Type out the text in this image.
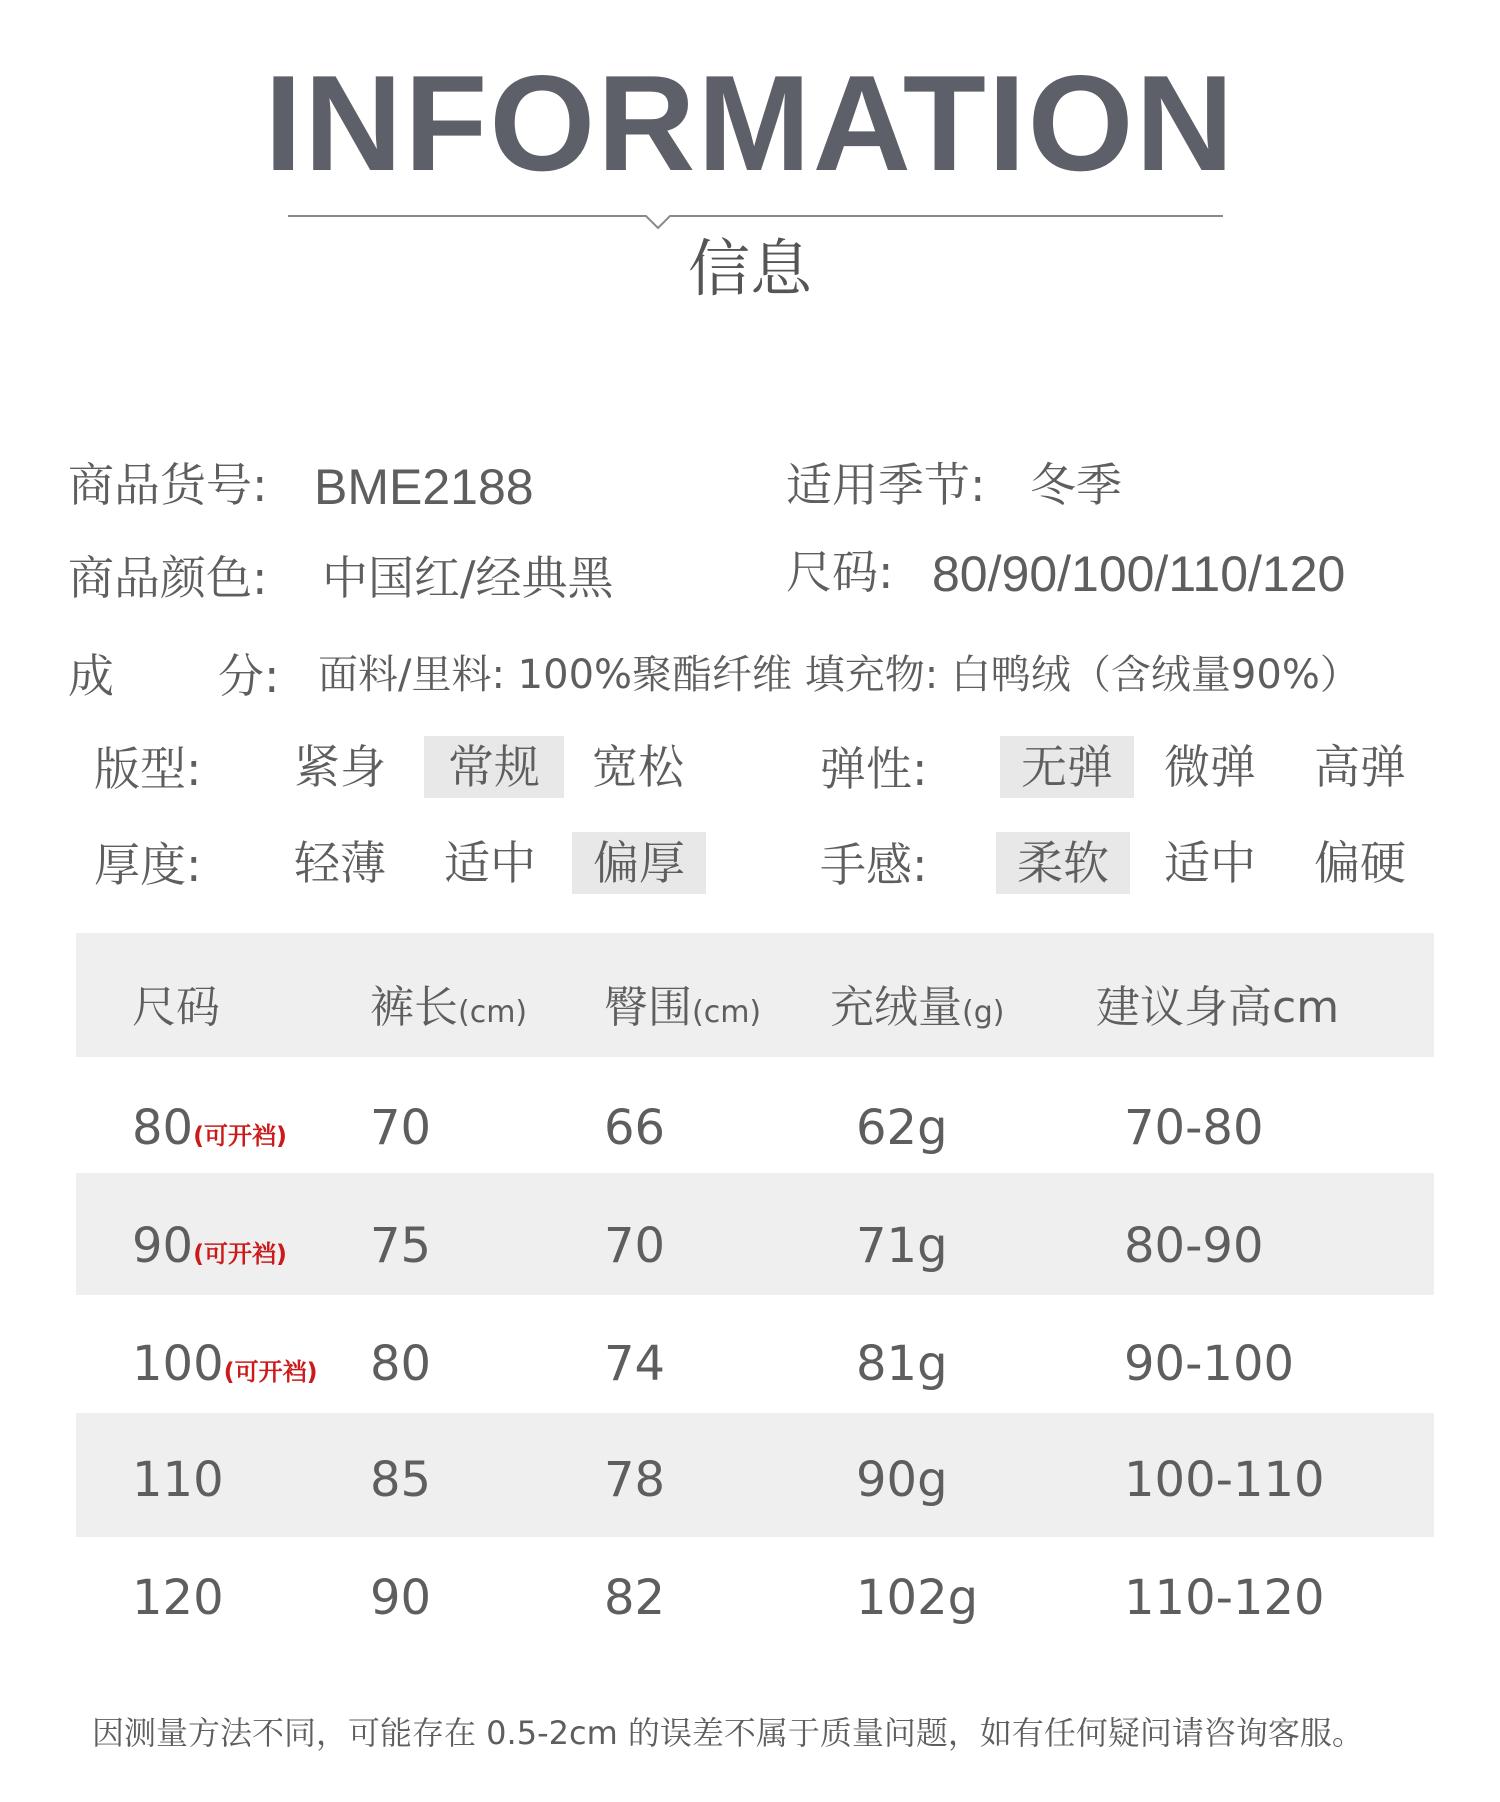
INFORMATION
信息
商品货号: BME2188	适用季节: 冬季
商品颜色: 中国红/经典黑	尺码: 80/90/100/110/120
成 分: 面料/里料: 100%聚酯纤维 填充物: 白鸭绒（含绒量90%）
版型:	紧身	常规	宽松	弹性:	无弹	微弹	高弹
厚度:	轻薄	适中	偏厚	手感:	柔软	适中	偏硬
尺码	裤长(cm) 臀围(cm) 充绒量(g) 建议身高cm
80(可开裆) 70	66	62g	70-80
90(可开裆) 75	70	71g	80-90
100(可开裆) 80	74	81g	90-100
110	85	78	90g	100-110
120	90	82	102g	110-120
因测量方法不同，可能存在 0.5-2cm 的误差不属于质量问题，如有任何疑问请咨询客服。
